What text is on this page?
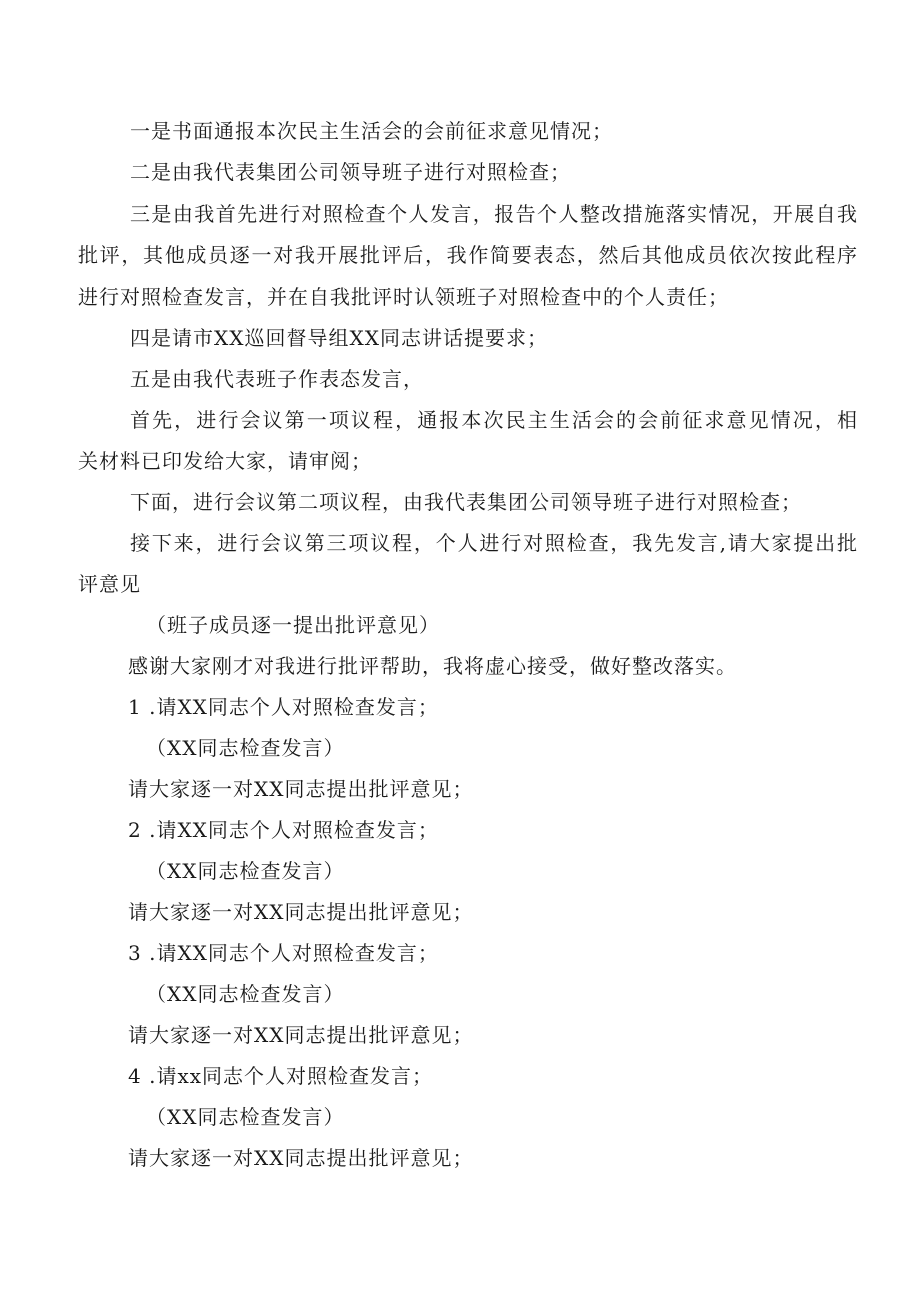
一是书面通报本次民主生活会的会前征求意见情况；
二是由我代表集团公司领导班子进行对照检查；
三是由我首先进行对照检查个人发言，报告个人整改措施落实情况，开展自我
批评，其他成员逐一对我开展批评后，我作简要表态，然后其他成员依次按此程序
进行对照检查发言，并在自我批评时认领班子对照检查中的个人责任；
四是请市XX巡回督导组XX同志讲话提要求；
五是由我代表班子作表态发言，
首先，进行会议第一项议程，通报本次民主生活会的会前征求意见情况，相
关材料已印发给大家，请审阅；
下面，进行会议第二项议程，由我代表集团公司领导班子进行对照检查；
接下来，进行会议第三项议程，个人进行对照检查，我先发言,请大家提出批
评意见
（班子成员逐一提出批评意见）
感谢大家刚才对我进行批评帮助，我将虚心接受，做好整改落实。
1 .请XX同志个人对照检查发言；
（XX同志检查发言）
请大家逐一对XX同志提出批评意见；
2 .请XX同志个人对照检查发言；
（XX同志检查发言）
请大家逐一对XX同志提出批评意见；
3 .请XX同志个人对照检查发言；
（XX同志检查发言）
请大家逐一对XX同志提出批评意见；
4 .请xx同志个人对照检查发言；
（XX同志检查发言）
请大家逐一对XX同志提出批评意见；
